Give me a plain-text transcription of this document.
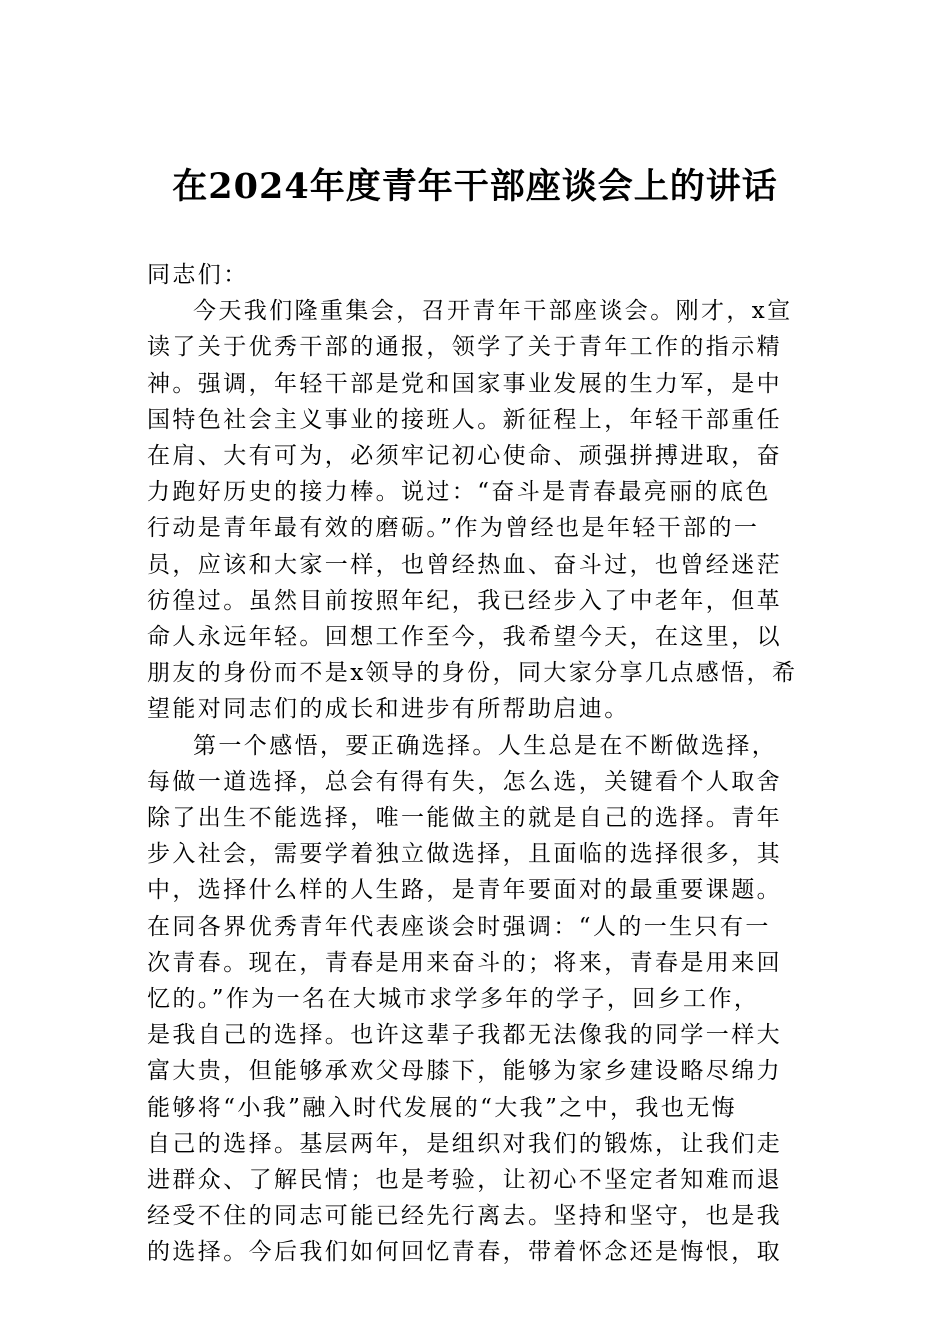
在2024年度青年干部座谈会上的讲话

同志们：

今天我们隆重集会，召开青年干部座谈会。刚才，x宣
读了关于优秀干部的通报，领学了关于青年工作的指示精
神。强调，年轻干部是党和国家事业发展的生力军，是中
国特色社会主义事业的接班人。新征程上，年轻干部重任
在肩、大有可为，必须牢记初心使命、顽强拼搏进取，奋
力跑好历史的接力棒。说过：“奋斗是青春最亮丽的底色
行动是青年最有效的磨砺。”作为曾经也是年轻干部的一
员，应该和大家一样，也曾经热血、奋斗过，也曾经迷茫
彷徨过。虽然目前按照年纪，我已经步入了中老年，但革
命人永远年轻。回想工作至今，我希望今天，在这里，以
朋友的身份而不是x领导的身份，同大家分享几点感悟，希
望能对同志们的成长和进步有所帮助启迪。

第一个感悟，要正确选择。人生总是在不断做选择，
每做一道选择，总会有得有失，怎么选，关键看个人取舍
除了出生不能选择，唯一能做主的就是自己的选择。青年
步入社会，需要学着独立做选择，且面临的选择很多，其
中，选择什么样的人生路，是青年要面对的最重要课题。
在同各界优秀青年代表座谈会时强调：“人的一生只有一
次青春。现在，青春是用来奋斗的；将来，青春是用来回
忆的。”作为一名在大城市求学多年的学子，回乡工作，
是我自己的选择。也许这辈子我都无法像我的同学一样大
富大贵，但能够承欢父母膝下，能够为家乡建设略尽绵力
能够将“小我”融入时代发展的“大我”之中，我也无悔
自己的选择。基层两年，是组织对我们的锻炼，让我们走
进群众、了解民情；也是考验，让初心不坚定者知难而退
经受不住的同志可能已经先行离去。坚持和坚守，也是我
的选择。今后我们如何回忆青春，带着怀念还是悔恨，取
